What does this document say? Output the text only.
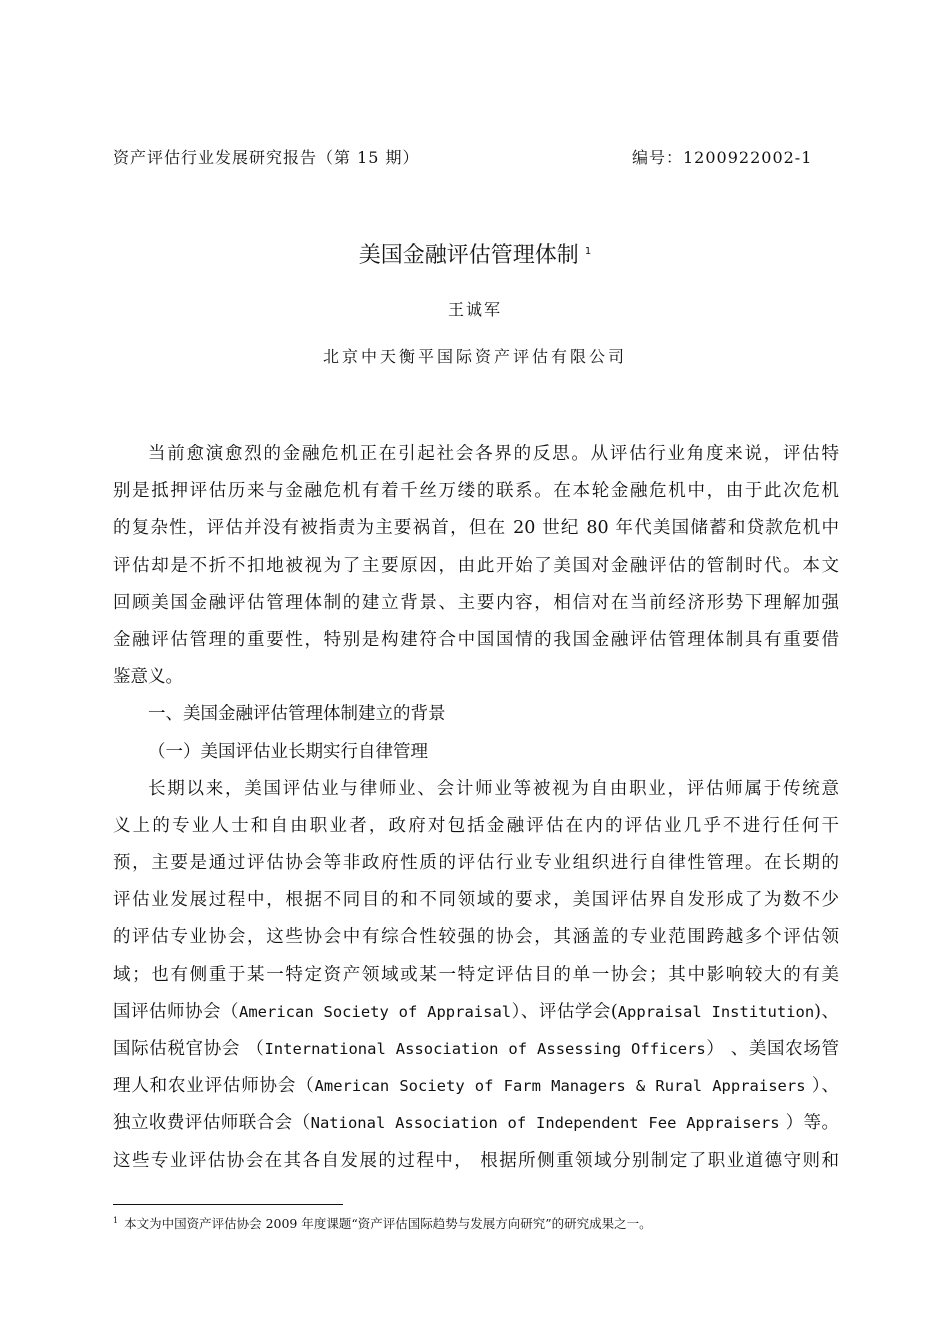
资产评估行业发展研究报告（第 15 期）	编号：1200922002-1
美国金融评估管理体制 $^1$
王诚军
北京中天衡平国际资产评估有限公司
当前愈演愈烈的金融危机正在引起社会各界的反思。从评估行业角度来说，评估特
别是抵押评估历来与金融危机有着千丝万缕的联系。在本轮金融危机中，由于此次危机
的复杂性，评估并没有被指责为主要祸首，但在 20 世纪 80 年代美国储蓄和贷款危机中
评估却是不折不扣地被视为了主要原因，由此开始了美国对金融评估的管制时代。本文
回顾美国金融评估管理体制的建立背景、主要内容，相信对在当前经济形势下理解加强
金融评估管理的重要性，特别是构建符合中国国情的我国金融评估管理体制具有重要借
鉴意义。
一、美国金融评估管理体制建立的背景
（一）美国评估业长期实行自律管理
长期以来，美国评估业与律师业、会计师业等被视为自由职业，评估师属于传统意
义上的专业人士和自由职业者，政府对包括金融评估在内的评估业几乎不进行任何干
预，主要是通过评估协会等非政府性质的评估行业专业组织进行自律性管理。在长期的
评估业发展过程中，根据不同目的和不同领域的要求，美国评估界自发形成了为数不少
的评估专业协会，这些协会中有综合性较强的协会，其涵盖的专业范围跨越多个评估领
域；也有侧重于某一特定资产领域或某一特定评估目的单一协会；其中影响较大的有美
国评估师协会（American Society of Appraisal）、评估学会(Appraisal Institution)、
国际估税官协会 （International Association of Assessing Officers） 、美国农场管
理人和农业评估师协会（American Society of Farm Managers & Rural Appraisers ）、
独立收费评估师联合会（National Association of Independent Fee Appraisers ）等。
这些专业评估协会在其各自发展的过程中， 根据所侧重领域分别制定了职业道德守则和
$^1$ 本文为中国资产评估协会 2009 年度课题“资产评估国际趋势与发展方向研究”的研究成果之一。
